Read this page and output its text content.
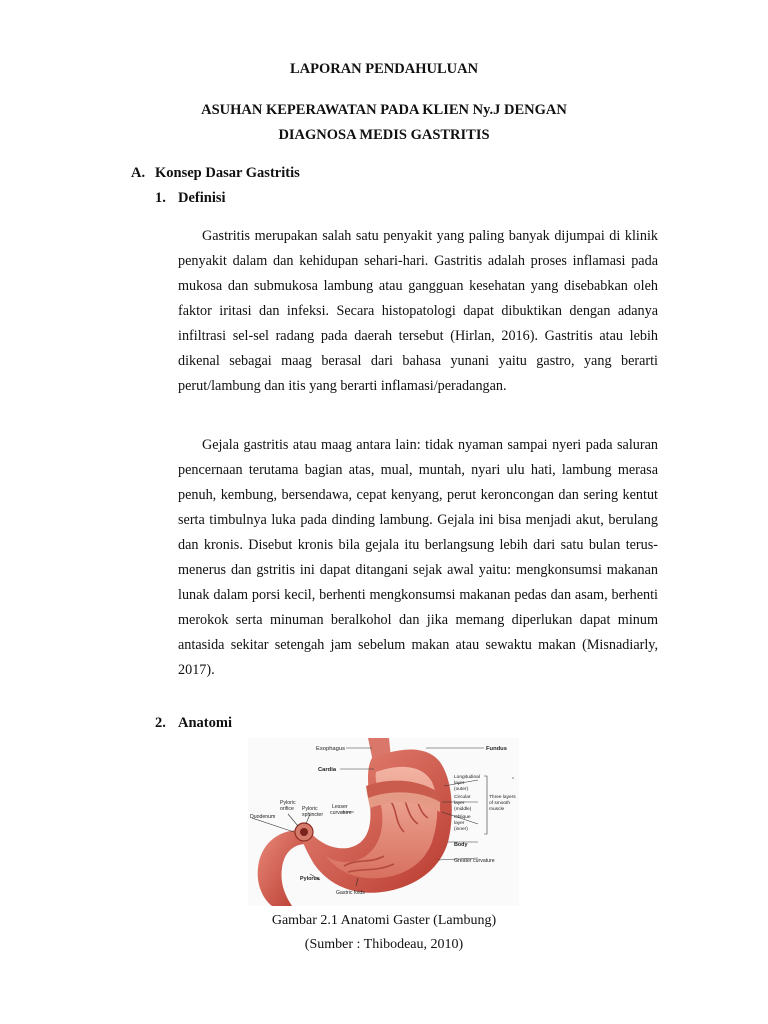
LAPORAN PENDAHULUAN
ASUHAN KEPERAWATAN PADA KLIEN Ny.J DENGAN
DIAGNOSA MEDIS GASTRITIS
A. Konsep Dasar Gastritis
1. Definisi

Gastritis merupakan salah satu penyakit yang paling banyak dijumpai di klinik penyakit dalam dan kehidupan sehari-hari. Gastritis adalah proses inflamasi pada mukosa dan submukosa lambung atau gangguan kesehatan yang disebabkan oleh faktor iritasi dan infeksi. Secara histopatologi dapat dibuktikan dengan adanya infiltrasi sel-sel radang pada daerah tersebut (Hirlan, 2016). Gastritis atau lebih dikenal sebagai maag berasal dari bahasa yunani yaitu gastro, yang berarti perut/lambung dan itis yang berarti inflamasi/peradangan.

Gejala gastritis atau maag antara lain: tidak nyaman sampai nyeri pada saluran pencernaan terutama bagian atas, mual, muntah, nyari ulu hati, lambung merasa penuh, kembung, bersendawa, cepat kenyang, perut keroncongan dan sering kentut serta timbulnya luka pada dinding lambung. Gejala ini bisa menjadi akut, berulang dan kronis. Disebut kronis bila gejala itu berlangsung lebih dari satu bulan terus-menerus dan gstritis ini dapat ditangani sejak awal yaitu: mengkonsumsi makanan lunak dalam porsi kecil, berhenti mengkonsumsi makanan pedas dan asam, berhenti merokok serta minuman beralkohol dan jika memang diperlukan dapat minum antasida sekitar setengah jam sebelum makan atau sewaktu makan (Misnadiarly, 2017).

2. Anatomi
Esophagus
Cardia
Fundus
Duodenum
Pyloric
orifice Pyloric
sphincter
Lesser
curvature
Longitudinal
layer
(outer)
Circular
layer
(middle)
Oblique
layer
(inner)
Three layers
of smooth
muscle
Body
Greater curvature
Pylorus
Gastric folds
Gambar 2.1 Anatomi Gaster (Lambung)
(Sumber : Thibodeau, 2010)
